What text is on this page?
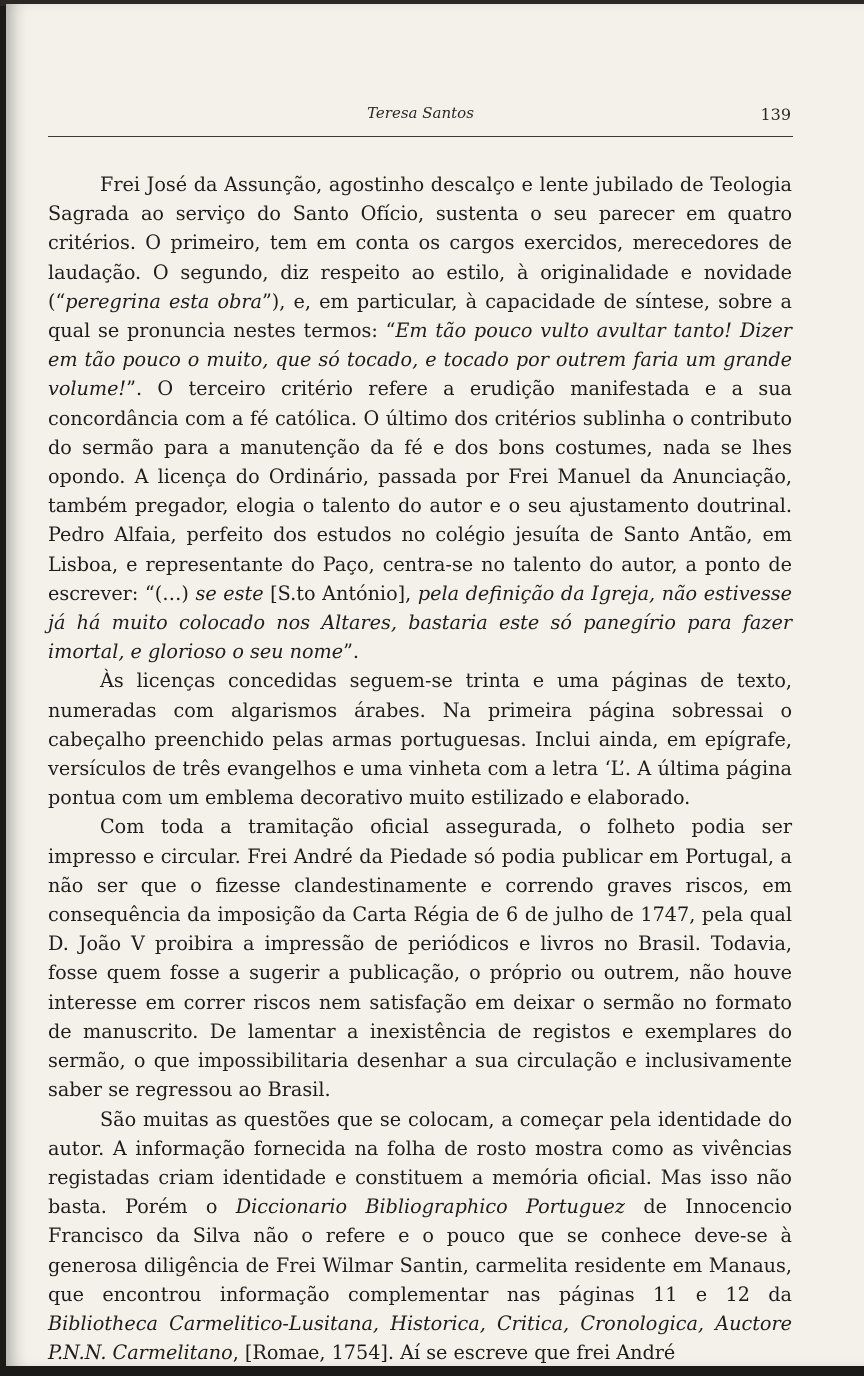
Teresa Santos	139

Frei José da Assunção, agostinho descalço e lente jubilado de Teologia Sagrada ao serviço do Santo Ofício, sustenta o seu parecer em quatro critérios. O primeiro, tem em conta os cargos exercidos, merecedores de laudação. O segundo, diz respeito ao estilo, à originalidade e novidade (“peregrina esta obra”), e, em particular, à capacidade de síntese, sobre a qual se pronuncia nestes termos: “Em tão pouco vulto avultar tanto! Dizer em tão pouco o muito, que só tocado, e tocado por outrem faria um grande volume!”. O terceiro critério refere a erudição manifestada e a sua concordância com a fé católica. O último dos critérios sublinha o contributo do sermão para a manutenção da fé e dos bons costumes, nada se lhes opondo. A licença do Ordinário, passada por Frei Manuel da Anunciação, também pregador, elogia o talento do autor e o seu ajustamento doutrinal. Pedro Alfaia, perfeito dos estudos no colégio jesuíta de Santo Antão, em Lisboa, e representante do Paço, centra-se no talento do autor, a ponto de escrever: “(…) se este [S.to António], pela definição da Igreja, não estivesse já há muito colocado nos Altares, bastaria este só panegírio para fazer imortal, e glorioso o seu nome”.

Às licenças concedidas seguem-se trinta e uma páginas de texto, numeradas com algarismos árabes. Na primeira página sobressai o cabeçalho preenchido pelas armas portuguesas. Inclui ainda, em epígrafe, versículos de três evangelhos e uma vinheta com a letra ‘L’. A última página pontua com um emblema decorativo muito estilizado e elaborado.

Com toda a tramitação oficial assegurada, o folheto podia ser impresso e circular. Frei André da Piedade só podia publicar em Portugal, a não ser que o fizesse clandestinamente e correndo graves riscos, em consequência da imposição da Carta Régia de 6 de julho de 1747, pela qual D. João V proibira a impressão de periódicos e livros no Brasil. Todavia, fosse quem fosse a sugerir a publicação, o próprio ou outrem, não houve interesse em correr riscos nem satisfação em deixar o sermão no formato de manuscrito. De lamentar a inexistência de registos e exemplares do sermão, o que impossibilitaria desenhar a sua circulação e inclusivamente saber se regressou ao Brasil.

São muitas as questões que se colocam, a começar pela identidade do autor. A informação fornecida na folha de rosto mostra como as vivências registadas criam identidade e constituem a memória oficial. Mas isso não basta. Porém o Diccionario Bibliographico Portuguez de Innocencio Francisco da Silva não o refere e o pouco que se conhece deve-se à generosa diligência de Frei Wilmar Santin, carmelita residente em Manaus, que encontrou informação complementar nas páginas 11 e 12 da Bibliotheca Carmelitico-Lusitana, Historica, Critica, Cronologica, Auctore P.N.N. Carmelitano, [Romae, 1754]. Aí se escreve que frei André
